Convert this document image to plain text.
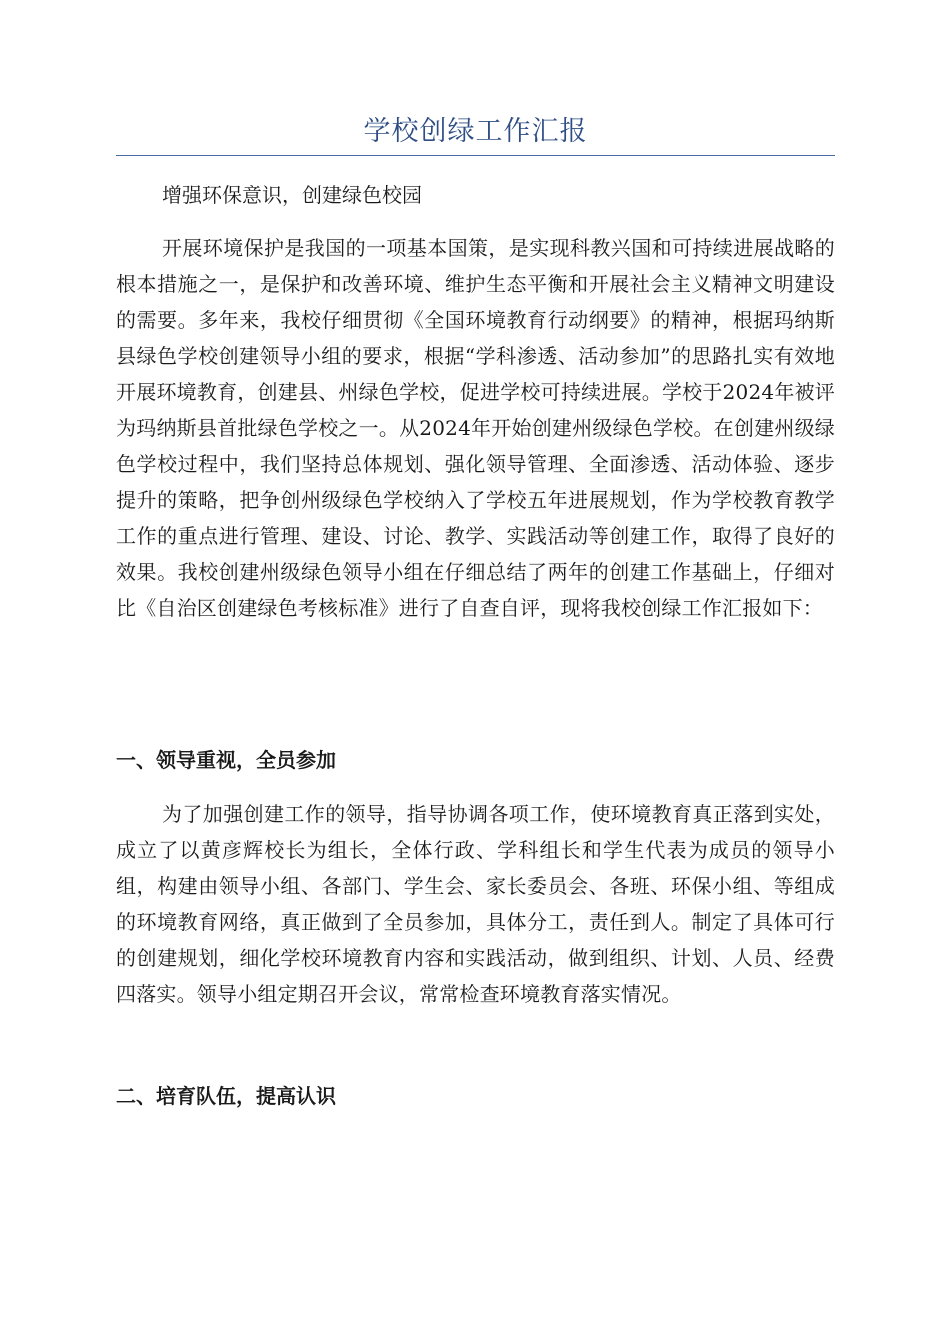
学校创绿工作汇报
增强环保意识，创建绿色校园

开展环境保护是我国的一项基本国策，是实现科教兴国和可持续进展战略的根本措施之一，是保护和改善环境、维护生态平衡和开展社会主义精神文明建设的需要。多年来，我校仔细贯彻《全国环境教育行动纲要》的精神，根据玛纳斯县绿色学校创建领导小组的要求，根据“学科渗透、活动参加”的思路扎实有效地开展环境教育，创建县、州绿色学校，促进学校可持续进展。学校于2024年被评为玛纳斯县首批绿色学校之一。从2024年开始创建州级绿色学校。在创建州级绿色学校过程中，我们坚持总体规划、强化领导管理、全面渗透、活动体验、逐步提升的策略，把争创州级绿色学校纳入了学校五年进展规划，作为学校教育教学工作的重点进行管理、建设、讨论、教学、实践活动等创建工作，取得了良好的效果。我校创建州级绿色领导小组在仔细总结了两年的创建工作基础上，仔细对比《自治区创建绿色考核标准》进行了自查自评，现将我校创绿工作汇报如下：

一、领导重视，全员参加

为了加强创建工作的领导，指导协调各项工作，使环境教育真正落到实处，成立了以黄彦辉校长为组长，全体行政、学科组长和学生代表为成员的领导小组，构建由领导小组、各部门、学生会、家长委员会、各班、环保小组、等组成的环境教育网络，真正做到了全员参加，具体分工，责任到人。制定了具体可行的创建规划，细化学校环境教育内容和实践活动，做到组织、计划、人员、经费四落实。领导小组定期召开会议，常常检查环境教育落实情况。

二、培育队伍，提高认识
